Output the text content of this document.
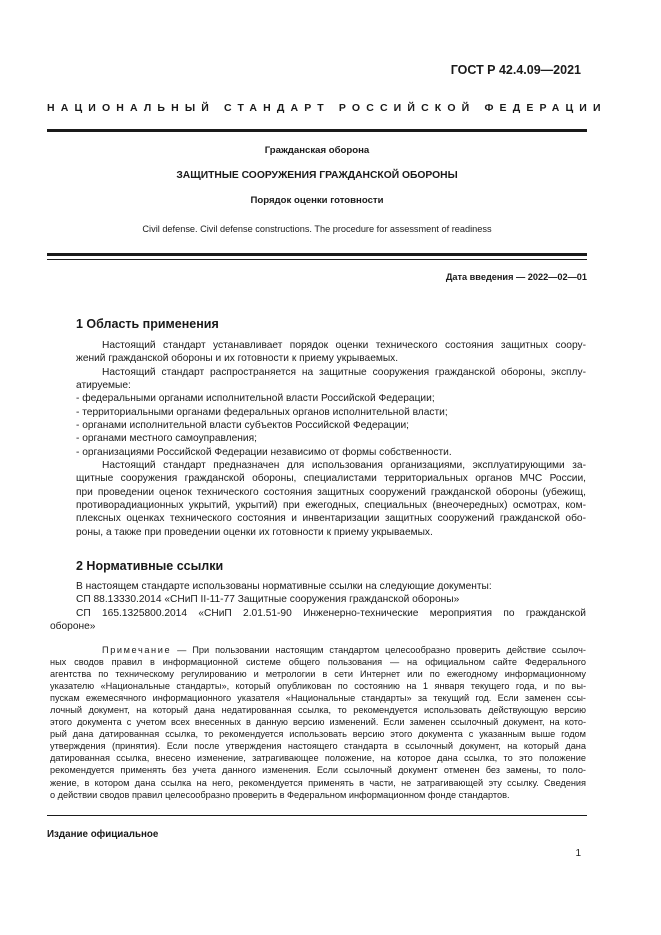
ГОСТ Р 42.4.09—2021
НАЦИОНАЛЬНЫЙ СТАНДАРТ РОССИЙСКОЙ ФЕДЕРАЦИИ
Гражданская оборона
ЗАЩИТНЫЕ СООРУЖЕНИЯ ГРАЖДАНСКОЙ ОБОРОНЫ
Порядок оценки готовности
Civil defense. Civil defense constructions. The procedure for assessment of readiness
Дата введения — 2022—02—01
1 Область применения

Настоящий стандарт устанавливает порядок оценки технического состояния защитных соору-

жений гражданской обороны и их готовности к приему укрываемых.

Настоящий стандарт распространяется на защитные сооружения гражданской обороны, эксплу-

атируемые:

- федеральными органами исполнительной власти Российской Федерации;

- территориальными органами федеральных органов исполнительной власти;

- органами исполнительной власти субъектов Российской Федерации;

- органами местного самоуправления;

- организациями Российской Федерации независимо от формы собственности.

Настоящий стандарт предназначен для использования организациями, эксплуатирующими за-

щитные сооружения гражданской обороны, специалистами территориальных органов МЧС России,

при проведении оценок технического состояния защитных сооружений гражданской обороны (убежищ,

противорадиационных укрытий, укрытий) при ежегодных, специальных (внеочередных) осмотрах, ком-

плексных оценках технического состояния и инвентаризации защитных сооружений гражданской обо-

роны, а также при проведении оценки их готовности к приему укрываемых.

2 Нормативные ссылки

В настоящем стандарте использованы нормативные ссылки на следующие документы:

СП 88.13330.2014 «СНиП II-11-77 Защитные сооружения гражданской обороны»

СП 165.1325800.2014 «СНиП 2.01.51-90 Инженерно-технические мероприятия по гражданской

обороне»

Примечание — При пользовании настоящим стандартом целесообразно проверить действие ссылоч-

ных сводов правил в информационной системе общего пользования — на официальном сайте Федерального

агентства по техническому регулированию и метрологии в сети Интернет или по ежегодному информационному

указателю «Национальные стандарты», который опубликован по состоянию на 1 января текущего года, и по вы-

пускам ежемесячного информационного указателя «Национальные стандарты» за текущий год. Если заменен ссы-

лочный документ, на который дана недатированная ссылка, то рекомендуется использовать действующую версию

этого документа с учетом всех внесенных в данную версию изменений. Если заменен ссылочный документ, на кото-

рый дана датированная ссылка, то рекомендуется использовать версию этого документа с указанным выше годом

утверждения (принятия). Если после утверждения настоящего стандарта в ссылочный документ, на который дана

датированная ссылка, внесено изменение, затрагивающее положение, на которое дана ссылка, то это положение

рекомендуется применять без учета данного изменения. Если ссылочный документ отменен без замены, то поло-

жение, в котором дана ссылка на него, рекомендуется применять в части, не затрагивающей эту ссылку. Сведения

о действии сводов правил целесообразно проверить в Федеральном информационном фонде стандартов.

Издание официальное
1
